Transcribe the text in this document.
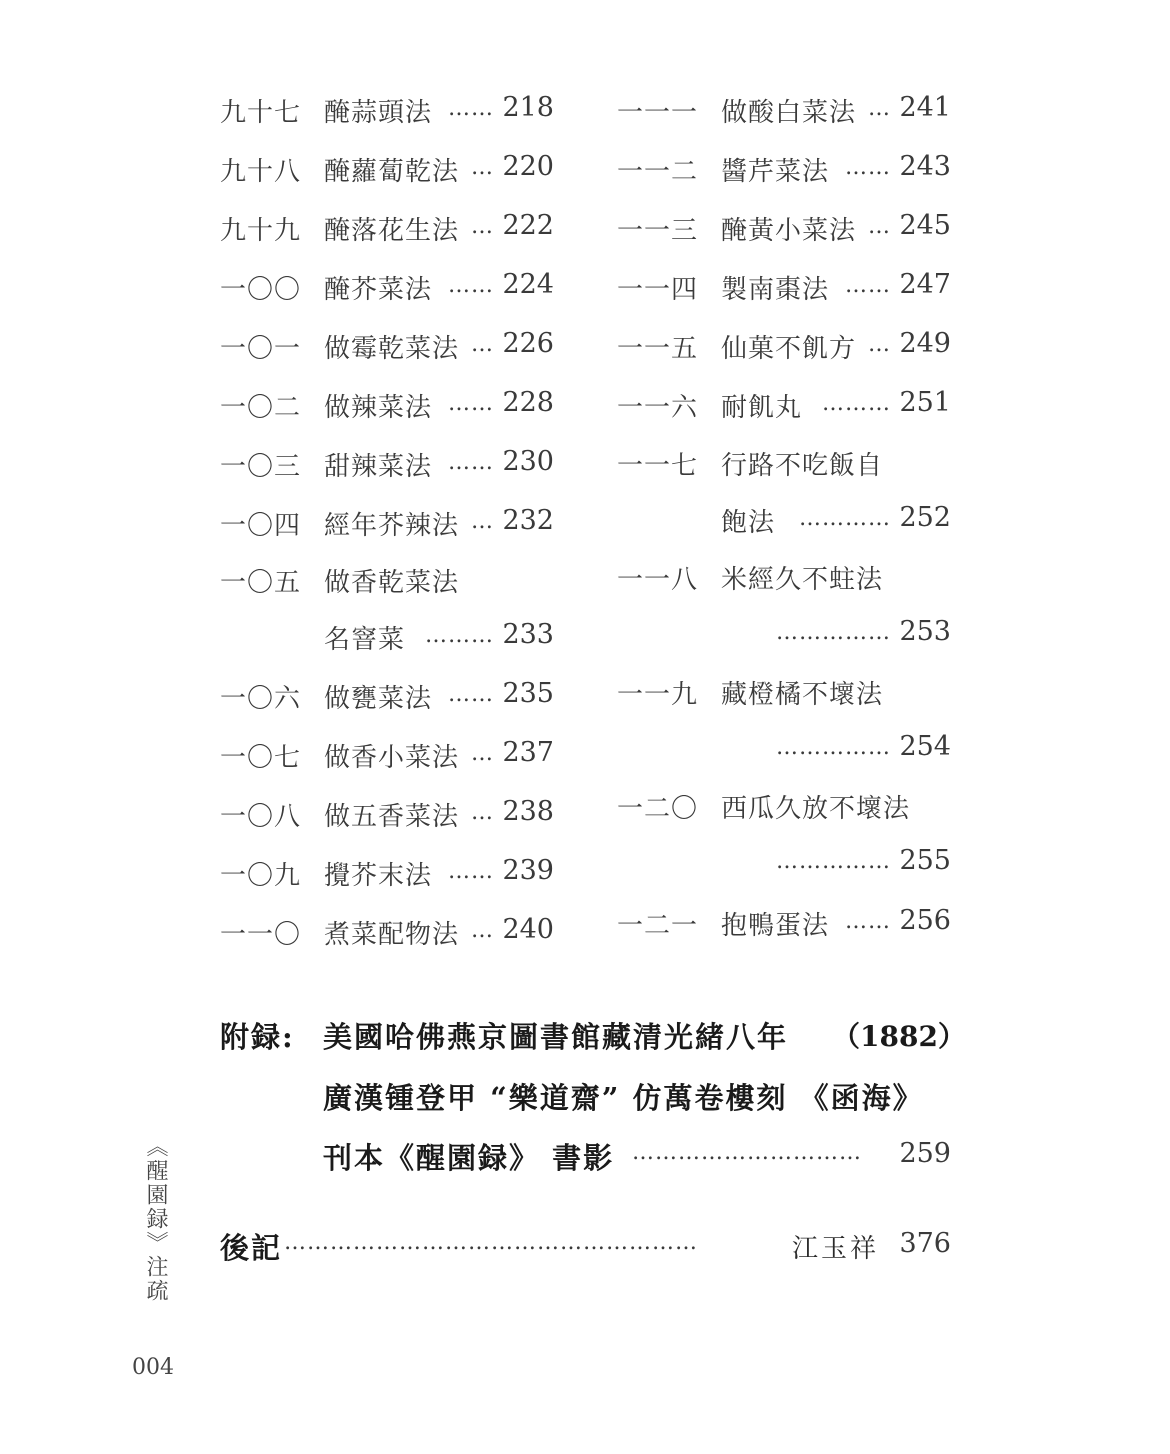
九十七 醃蒜頭法 …… 218
九十八 醃蘿蔔乾法 … 220
九十九 醃落花生法 … 222
一〇〇 醃芥菜法 …… 224
一〇一 做霉乾菜法 … 226
一〇二 做辣菜法 …… 228
一〇三 甜辣菜法 …… 230
一〇四 經年芥辣法 … 232
一〇五 做香乾菜法
名窨菜 ……… 233
一〇六 做甕菜法 …… 235
一〇七 做香小菜法 … 237
一〇八 做五香菜法 … 238
一〇九 攪芥末法 …… 239
一一〇 煮菜配物法 … 240
一一一 做酸白菜法 … 241
一一二 醬芹菜法 …… 243
一一三 醃黃小菜法 … 245
一一四 製南棗法 …… 247
一一五 仙菓不飢方 … 249
一一六 耐飢丸 ……… 251
一一七 行路不吃飯自
飽法	………… 252
一一八 米經久不蛀法
…………… 253
一一九 藏橙橘不壞法
…………… 254
一二〇 西瓜久放不壞法
…………… 255
一二一 抱鴨蛋法 …… 256
附録: 美國哈佛燕京圖書館藏清光緒八年 （1882）
廣漢锺登甲 “樂道齋” 仿萬卷樓刻 《函海》
刊本《醒園録》 書影 …………………………	259
後記 ………………………………………………	江玉祥 376
《醒園録》注疏
004
